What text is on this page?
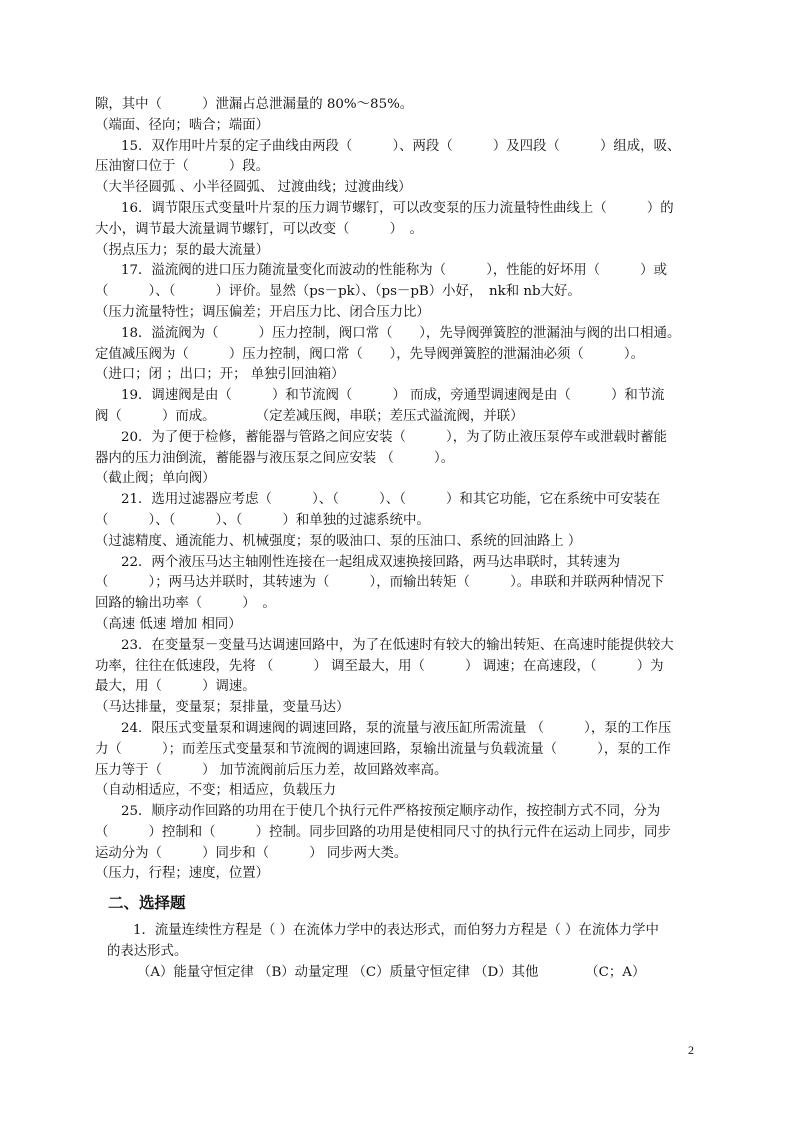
隙，其中（　　　）泄漏占总泄漏量的 80%～85%。
（端面、径向；啮合；端面）
15．双作用叶片泵的定子曲线由两段（　　　）、两段（　　　）及四段（　　　）组成，吸、
压油窗口位于（　　　）段。
（大半径圆弧 、小半径圆弧、 过渡曲线；过渡曲线）
16．调节限压式变量叶片泵的压力调节螺钉，可以改变泵的压力流量特性曲线上（　　　）的
大小，调节最大流量调节螺钉，可以改变（　　　）　。
（拐点压力；泵的最大流量）
17．溢流阀的进口压力随流量变化而波动的性能称为（　　　），性能的好坏用（　　　）或
（　　　）、（　　　）评价。显然（ps－pk）、（ps－pB）小好，　nk和 nb大好。
（压力流量特性；调压偏差；开启压力比、闭合压力比）
18．溢流阀为（　　　）压力控制，阀口常（　　），先导阀弹簧腔的泄漏油与阀的出口相通。
定值减压阀为（　　　）压力控制，阀口常（　　），先导阀弹簧腔的泄漏油必须（　　　）。
（进口；闭 ；出口；开； 单独引回油箱）
19．调速阀是由（　　　）和节流阀（　　　） 而成，旁通型调速阀是由（　　　）和节流
阀（　　　）而成。　　　　（定差减压阀，串联；差压式溢流阀，并联）
20．为了便于检修，蓄能器与管路之间应安装（　　　），为了防止液压泵停车或泄载时蓄能
器内的压力油倒流，蓄能器与液压泵之间应安装 （　　　）。
（截止阀；单向阀）
21．选用过滤器应考虑（　　　）、（　　　）、（　　　）和其它功能，它在系统中可安装在
（　　　）、（　　　）、（　　　）和单独的过滤系统中。
（过滤精度、通流能力、机械强度；泵的吸油口、泵的压油口、系统的回油路上 ）
22．两个液压马达主轴刚性连接在一起组成双速换接回路，两马达串联时，其转速为
（　　　）；两马达并联时，其转速为（　　　），而输出转矩（　　　）。串联和并联两种情况下
回路的输出功率（　　　）　。
（高速 低速 增加 相同）
23．在变量泵－变量马达调速回路中，为了在低速时有较大的输出转矩、在高速时能提供较大
功率，往往在低速段，先将 （　　　） 调至最大，用（　　　） 调速；在高速段，（　　　）为
最大，用（　　　）调速。
（马达排量，变量泵；泵排量，变量马达）
24．限压式变量泵和调速阀的调速回路，泵的流量与液压缸所需流量 （　　　），泵的工作压
力（　　　）；而差压式变量泵和节流阀的调速回路，泵输出流量与负载流量（　　　），泵的工作
压力等于（　　　） 加节流阀前后压力差，故回路效率高。
（自动相适应，不变；相适应，负载压力
25．顺序动作回路的功用在于使几个执行元件严格按预定顺序动作，按控制方式不同，分为
（　　　）控制和（　　　）控制。同步回路的功用是使相同尺寸的执行元件在运动上同步，同步
运动分为（　　　）同步和（　　　） 同步两大类。
（压力，行程；速度，位置）
二、选择题
1．流量连续性方程是（ ）在流体力学中的表达形式，而伯努力方程是（ ）在流体力学中
的表达形式。
（A）能量守恒定律 （B）动量定理 （C）质量守恒定律 （D）其他　　　　（C；A）
2
